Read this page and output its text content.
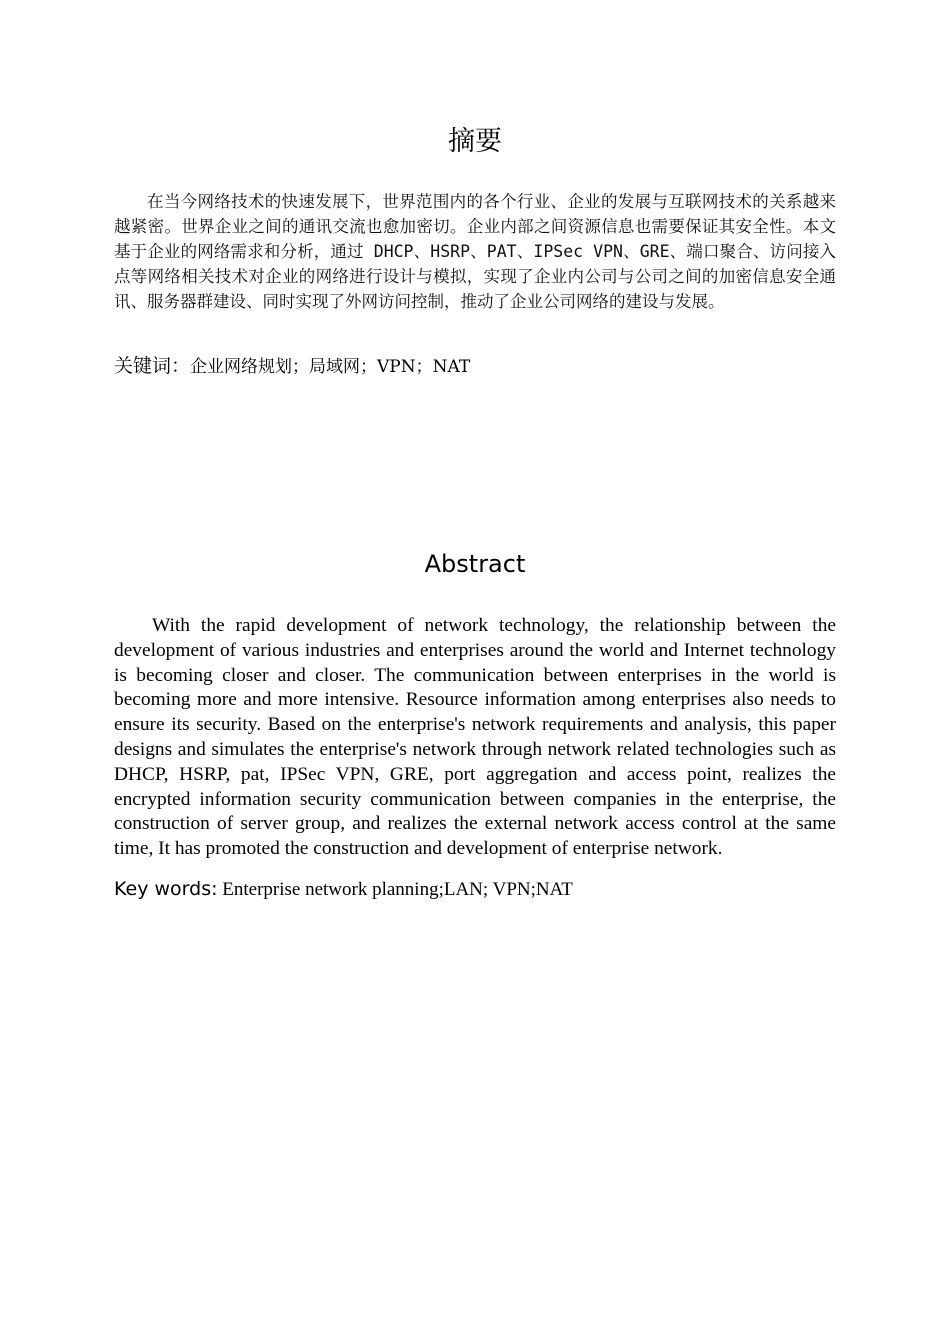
摘要
在当今网络技术的快速发展下，世界范围内的各个行业、企业的发展与互联网技术的关系越来越紧密。世界企业之间的通讯交流也愈加密切。企业内部之间资源信息也需要保证其安全性。本文基于企业的网络需求和分析，通过 DHCP、HSRP、PAT、IPSec VPN、GRE、端口聚合、访问接入点等网络相关技术对企业的网络进行设计与模拟，实现了企业内公司与公司之间的加密信息安全通讯、服务器群建设、同时实现了外网访问控制，推动了企业公司网络的建设与发展。
关键词：企业网络规划；局域网；VPN；NAT
Abstract
With the rapid development of network technology, the relationship between the development of various industries and enterprises around the world and Internet technology is becoming closer and closer. The communication between enterprises in the world is becoming more and more intensive. Resource information among enterprises also needs to ensure its security. Based on the enterprise's network requirements and analysis, this paper designs and simulates the enterprise's network through network related technologies such as DHCP, HSRP, pat, IPSec VPN, GRE, port aggregation and access point, realizes the encrypted information security communication between companies in the enterprise, the construction of server group, and realizes the external network access control at the same time, It has promoted the construction and development of enterprise network.
Key words: Enterprise network planning;LAN; VPN;NAT
